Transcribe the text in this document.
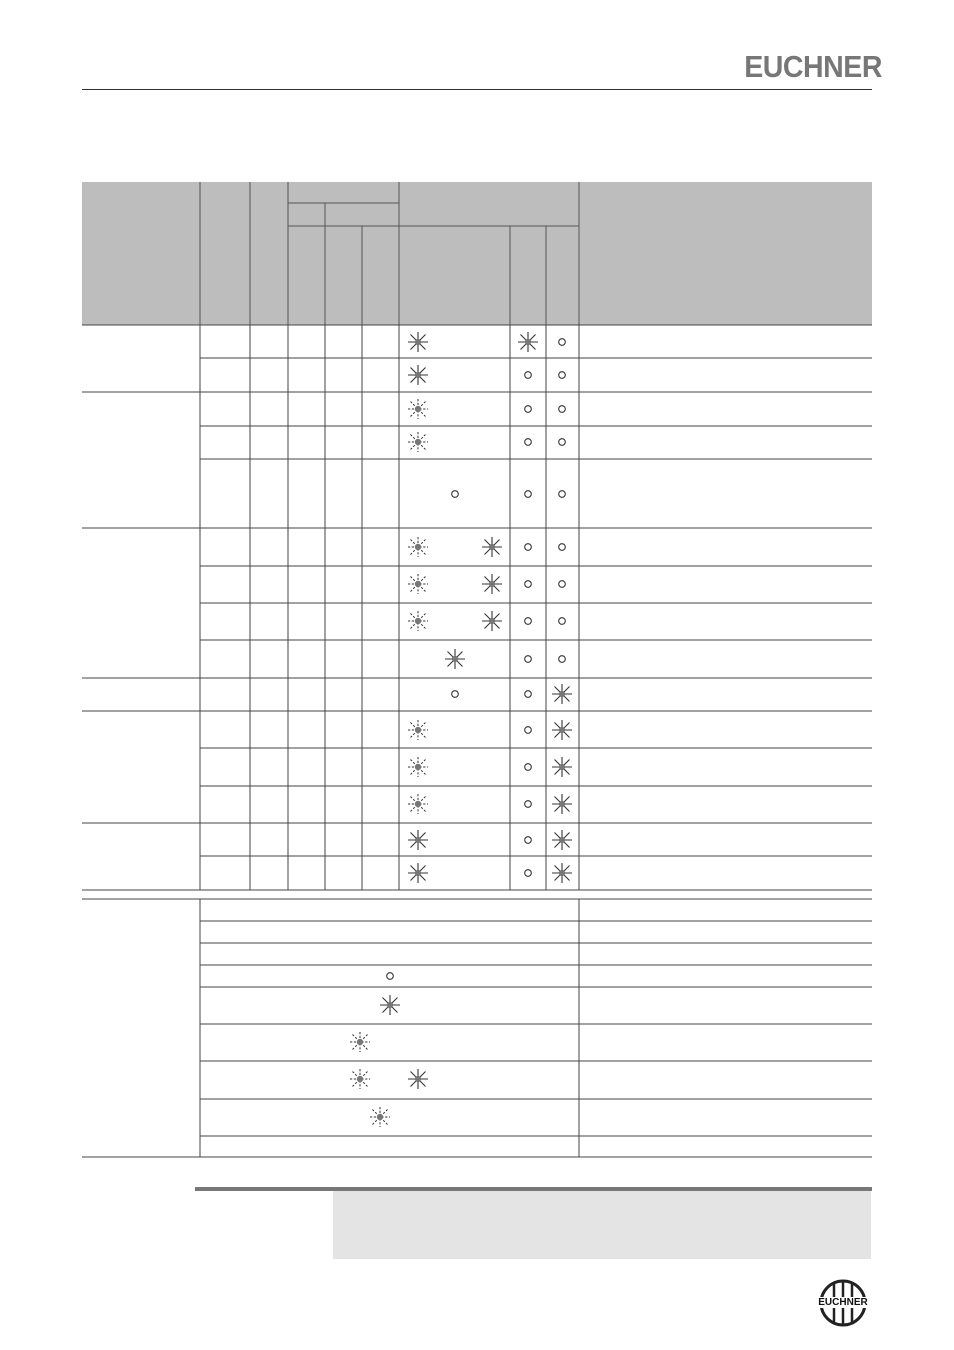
EUCHNER
EUCHNER
